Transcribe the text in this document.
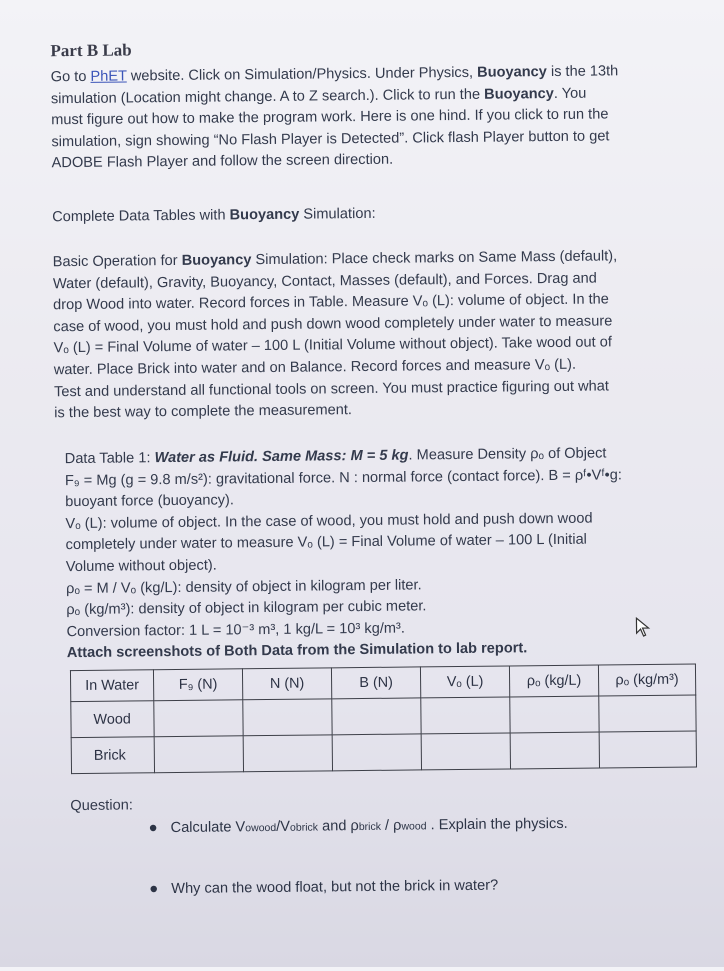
Part B Lab
Go to PhET website. Click on Simulation/Physics. Under Physics, Buoyancy is the 13th
simulation (Location might change. A to Z search.). Click to run the Buoyancy. You
must figure out how to make the program work. Here is one hind. If you click to run the
simulation, sign showing “No Flash Player is Detected”. Click flash Player button to get
ADOBE Flash Player and follow the screen direction.
Complete Data Tables with Buoyancy Simulation:
Basic Operation for Buoyancy Simulation: Place check marks on Same Mass (default),
Water (default), Gravity, Buoyancy, Contact, Masses (default), and Forces. Drag and
drop Wood into water. Record forces in Table. Measure Vₒ (L): volume of object. In the
case of wood, you must hold and push down wood completely under water to measure
Vₒ (L) = Final Volume of water – 100 L (Initial Volume without object). Take wood out of
water. Place Brick into water and on Balance. Record forces and measure Vₒ (L).
Test and understand all functional tools on screen. You must practice figuring out what
is the best way to complete the measurement.
Data Table 1: Water as Fluid. Same Mass: M = 5 kg. Measure Density ρₒ of Object
F₉ = Mg (g = 9.8 m/s²): gravitational force. N : normal force (contact force). B = ρᶠ•Vᶠ•g:
buoyant force (buoyancy).
Vₒ (L): volume of object. In the case of wood, you must hold and push down wood
completely under water to measure Vₒ (L) = Final Volume of water – 100 L (Initial
Volume without object).
ρₒ = M / Vₒ (kg/L): density of object in kilogram per liter.
ρₒ (kg/m³): density of object in kilogram per cubic meter.
Conversion factor: 1 L = 10⁻³ m³, 1 kg/L = 10³ kg/m³.
Attach screenshots of Both Data from the Simulation to lab report.
In Water	F₉ (N)	N (N)	B (N)	Vₒ (L)	ρₒ (kg/L)	ρₒ (kg/m³)
Wood						
Brick						
Question:
● Calculate Vowood/Vobrick and ρbrick / ρwood . Explain the physics.
● Why can the wood float, but not the brick in water?
